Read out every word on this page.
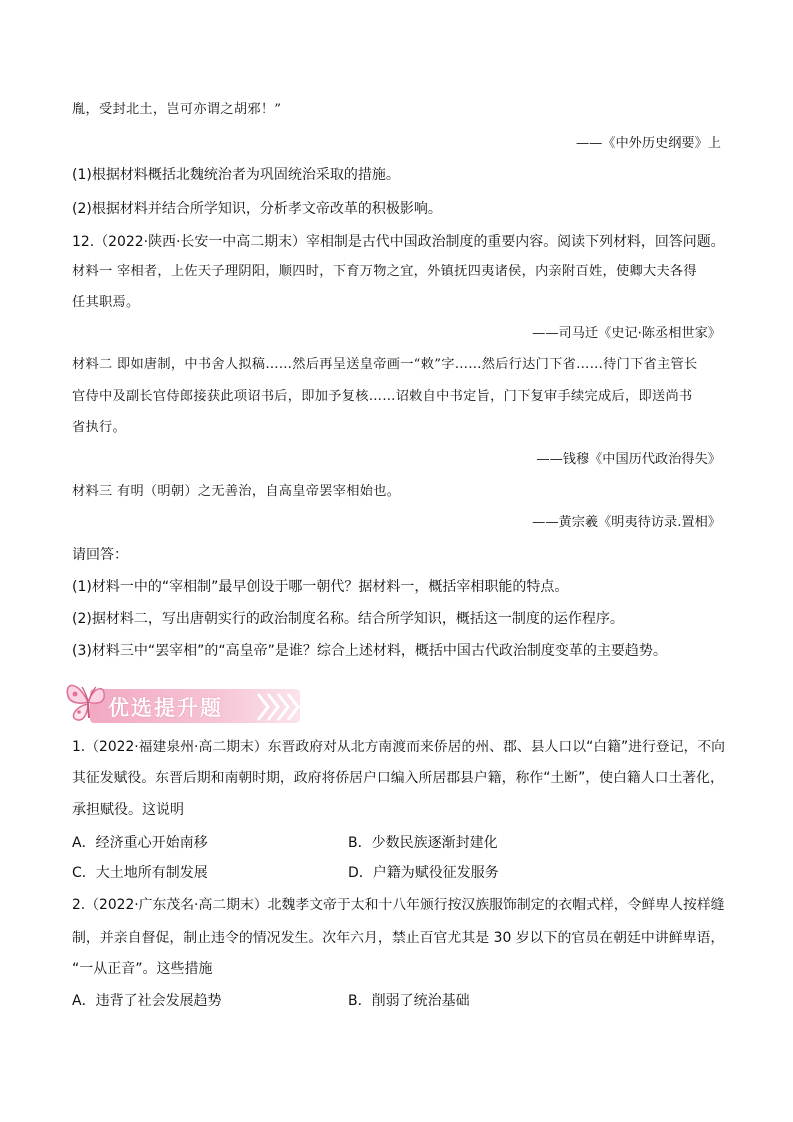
胤，受封北土，岂可亦谓之胡邪！”
——《中外历史纲要》上
(1)根据材料概括北魏统治者为巩固统治采取的措施。
(2)根据材料并结合所学知识，分析孝文帝改革的积极影响。
12.（2022·陕西·长安一中高二期末）宰相制是古代中国政治制度的重要内容。阅读下列材料，回答问题。
材料一 宰相者，上佐天子理阴阳，顺四时，下育万物之宜，外镇抚四夷诸侯，内亲附百姓，使卿大夫各得
任其职焉。
——司马迁《史记·陈丞相世家》
材料二 即如唐制，中书舍人拟稿……然后再呈送皇帝画一“敕”字……然后行达门下省……待门下省主管长
官侍中及副长官侍郎接获此项诏书后，即加予复核……诏敕自中书定旨，门下复审手续完成后，即送尚书
省执行。
——钱穆《中国历代政治得失》
材料三 有明（明朝）之无善治，自高皇帝罢宰相始也。
——黄宗羲《明夷待访录.置相》
请回答：
(1)材料一中的“宰相制”最早创设于哪一朝代？据材料一，概括宰相职能的特点。
(2)据材料二，写出唐朝实行的政治制度名称。结合所学知识，概括这一制度的运作程序。
(3)材料三中“罢宰相”的“高皇帝”是谁？综合上述材料，概括中国古代政治制度变革的主要趋势。
优选提升题
1.（2022·福建泉州·高二期末）东晋政府对从北方南渡而来侨居的州、郡、县人口以“白籍”进行登记，不向
其征发赋役。东晋后期和南朝时期，政府将侨居户口编入所居郡县户籍，称作“土断”，使白籍人口土著化，
承担赋役。这说明
A．经济重心开始南移	B．少数民族逐渐封建化
C．大土地所有制发展	D．户籍为赋役征发服务
2.（2022·广东茂名·高二期末）北魏孝文帝于太和十八年颁行按汉族服饰制定的衣帽式样，令鲜卑人按样缝
制，并亲自督促，制止违令的情况发生。次年六月，禁止百官尤其是 30 岁以下的官员在朝廷中讲鲜卑语，
“一从正音”。这些措施
A．违背了社会发展趋势	B．削弱了统治基础
